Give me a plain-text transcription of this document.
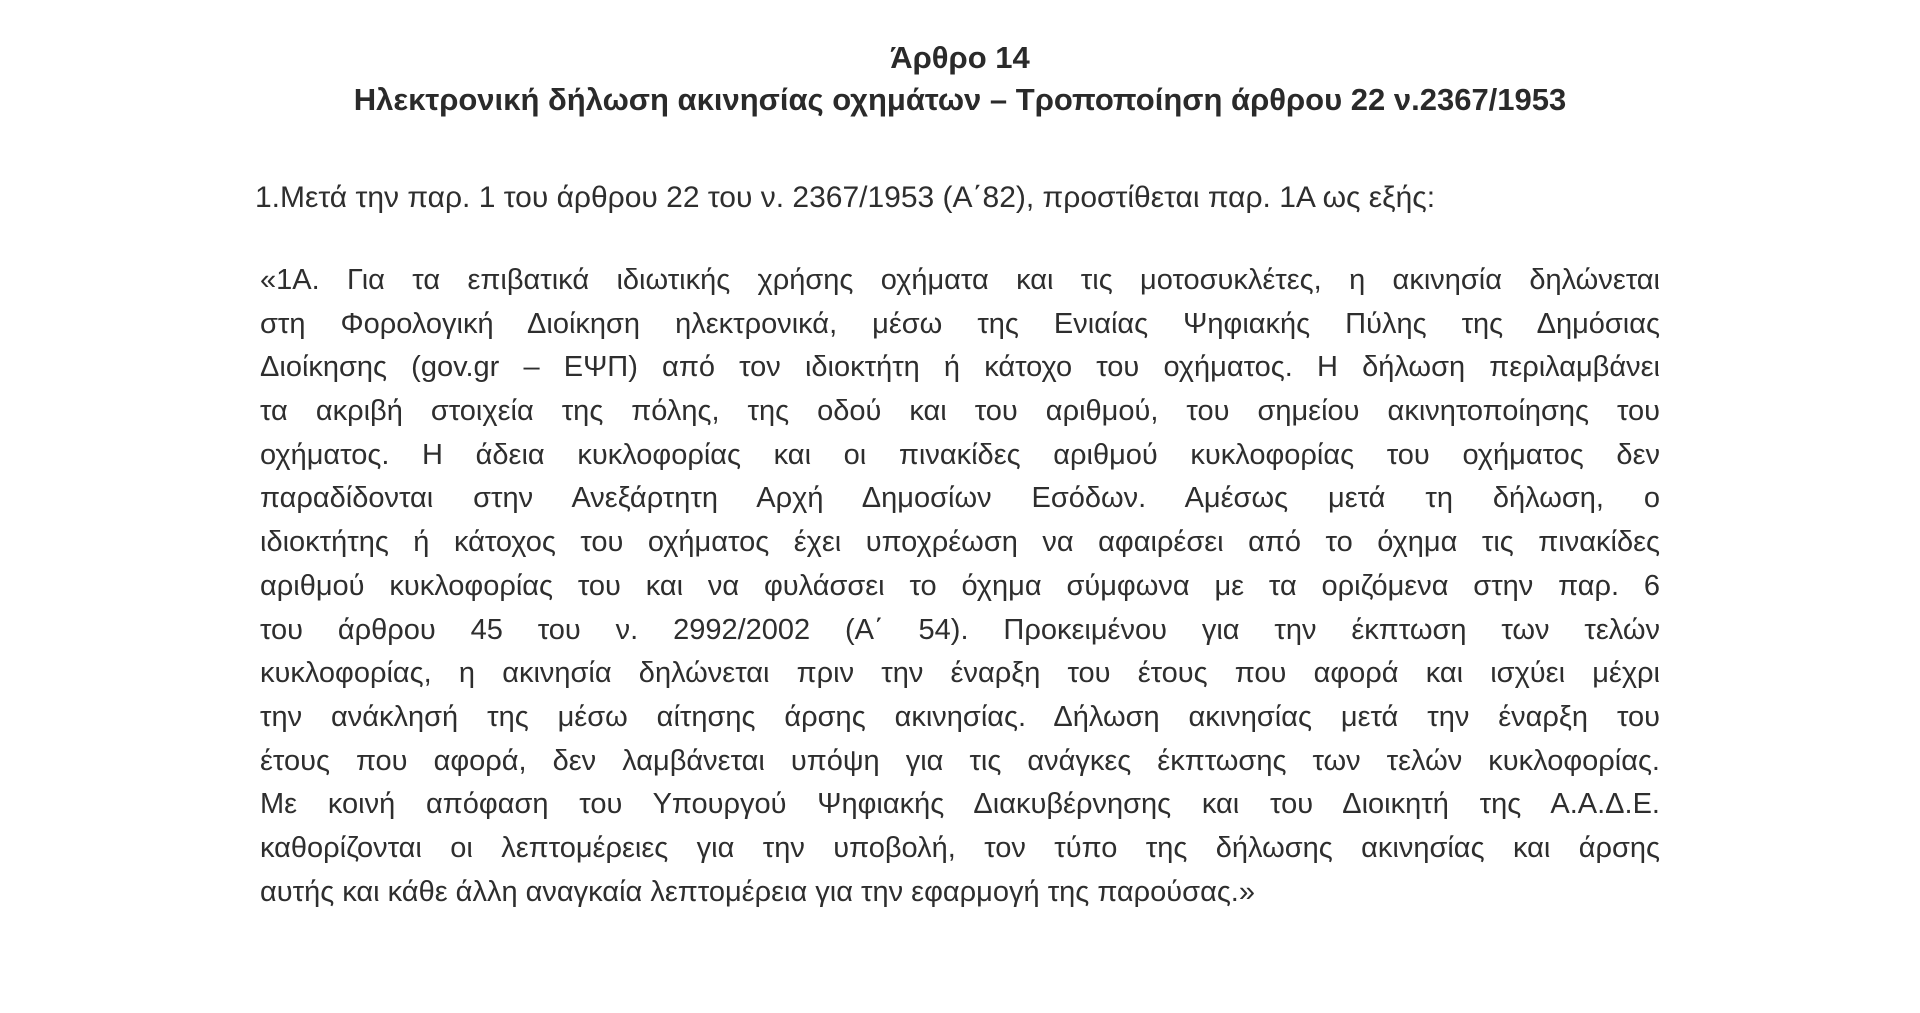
Άρθρο 14
Ηλεκτρονική δήλωση ακινησίας οχημάτων – Τροποποίηση άρθρου 22 ν.2367/1953
1.Μετά την παρ. 1 του άρθρου 22 του ν. 2367/1953 (Α΄82), προστίθεται παρ. 1Α ως εξής:
«1Α. Για τα επιβατικά ιδιωτικής χρήσης οχήματα και τις μοτοσυκλέτες, η ακινησία δηλώνεται
στη Φορολογική Διοίκηση ηλεκτρονικά, μέσω της Ενιαίας Ψηφιακής Πύλης της Δημόσιας
Διοίκησης (gov.gr – ΕΨΠ) από τον ιδιοκτήτη ή κάτοχο του οχήματος. Η δήλωση περιλαμβάνει
τα ακριβή στοιχεία της πόλης, της οδού και του αριθμού, του σημείου ακινητοποίησης του
οχήματος. Η άδεια κυκλοφορίας και οι πινακίδες αριθμού κυκλοφορίας του οχήματος δεν
παραδίδονται στην Ανεξάρτητη Αρχή Δημοσίων Εσόδων. Αμέσως μετά τη δήλωση, ο
ιδιοκτήτης ή κάτοχος του οχήματος έχει υποχρέωση να αφαιρέσει από το όχημα τις πινακίδες
αριθμού κυκλοφορίας του και να φυλάσσει το όχημα σύμφωνα με τα οριζόμενα στην παρ. 6
του άρθρου 45 του ν. 2992/2002 (Α΄ 54). Προκειμένου για την έκπτωση των τελών
κυκλοφορίας, η ακινησία δηλώνεται πριν την έναρξη του έτους που αφορά και ισχύει μέχρι
την ανάκλησή της μέσω αίτησης άρσης ακινησίας. Δήλωση ακινησίας μετά την έναρξη του
έτους που αφορά, δεν λαμβάνεται υπόψη για τις ανάγκες έκπτωσης των τελών κυκλοφορίας.
Με κοινή απόφαση του Υπουργού Ψηφιακής Διακυβέρνησης και του Διοικητή της Α.Α.Δ.Ε.
καθορίζονται οι λεπτομέρειες για την υποβολή, τον τύπο της δήλωσης ακινησίας και άρσης
αυτής και κάθε άλλη αναγκαία λεπτομέρεια για την εφαρμογή της παρούσας.»
